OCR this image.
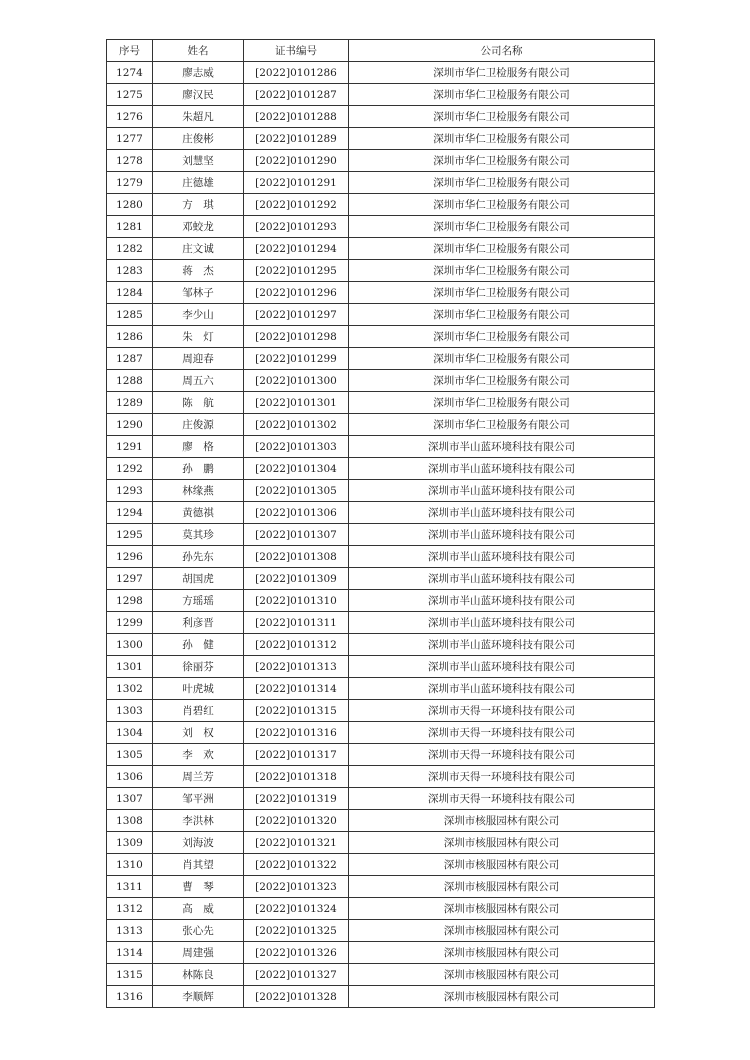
序号	姓名	证书编号	公司名称
1274	廖志威	[2022]0101286	深圳市华仁卫检服务有限公司
1275	廖汉民	[2022]0101287	深圳市华仁卫检服务有限公司
1276	朱超凡	[2022]0101288	深圳市华仁卫检服务有限公司
1277	庄俊彬	[2022]0101289	深圳市华仁卫检服务有限公司
1278	刘慧坚	[2022]0101290	深圳市华仁卫检服务有限公司
1279	庄德雄	[2022]0101291	深圳市华仁卫检服务有限公司
1280	方　琪	[2022]0101292	深圳市华仁卫检服务有限公司
1281	邓蛟龙	[2022]0101293	深圳市华仁卫检服务有限公司
1282	庄文诚	[2022]0101294	深圳市华仁卫检服务有限公司
1283	蒋　杰	[2022]0101295	深圳市华仁卫检服务有限公司
1284	邹林子	[2022]0101296	深圳市华仁卫检服务有限公司
1285	李少山	[2022]0101297	深圳市华仁卫检服务有限公司
1286	朱　灯	[2022]0101298	深圳市华仁卫检服务有限公司
1287	周迎春	[2022]0101299	深圳市华仁卫检服务有限公司
1288	周五六	[2022]0101300	深圳市华仁卫检服务有限公司
1289	陈　航	[2022]0101301	深圳市华仁卫检服务有限公司
1290	庄俊源	[2022]0101302	深圳市华仁卫检服务有限公司
1291	廖　格	[2022]0101303	深圳市半山蓝环境科技有限公司
1292	孙　鹏	[2022]0101304	深圳市半山蓝环境科技有限公司
1293	林缘燕	[2022]0101305	深圳市半山蓝环境科技有限公司
1294	黄德祺	[2022]0101306	深圳市半山蓝环境科技有限公司
1295	莫其珍	[2022]0101307	深圳市半山蓝环境科技有限公司
1296	孙先东	[2022]0101308	深圳市半山蓝环境科技有限公司
1297	胡国虎	[2022]0101309	深圳市半山蓝环境科技有限公司
1298	方瑶瑶	[2022]0101310	深圳市半山蓝环境科技有限公司
1299	利彦晋	[2022]0101311	深圳市半山蓝环境科技有限公司
1300	孙　健	[2022]0101312	深圳市半山蓝环境科技有限公司
1301	徐丽芬	[2022]0101313	深圳市半山蓝环境科技有限公司
1302	叶虎城	[2022]0101314	深圳市半山蓝环境科技有限公司
1303	肖碧红	[2022]0101315	深圳市天得一环境科技有限公司
1304	刘　权	[2022]0101316	深圳市天得一环境科技有限公司
1305	李　欢	[2022]0101317	深圳市天得一环境科技有限公司
1306	周兰芳	[2022]0101318	深圳市天得一环境科技有限公司
1307	邹平洲	[2022]0101319	深圳市天得一环境科技有限公司
1308	李洪林	[2022]0101320	深圳市核服园林有限公司
1309	刘海波	[2022]0101321	深圳市核服园林有限公司
1310	肖其望	[2022]0101322	深圳市核服园林有限公司
1311	曹　琴	[2022]0101323	深圳市核服园林有限公司
1312	高　威	[2022]0101324	深圳市核服园林有限公司
1313	张心先	[2022]0101325	深圳市核服园林有限公司
1314	周建强	[2022]0101326	深圳市核服园林有限公司
1315	林陈良	[2022]0101327	深圳市核服园林有限公司
1316	李顺辉	[2022]0101328	深圳市核服园林有限公司
